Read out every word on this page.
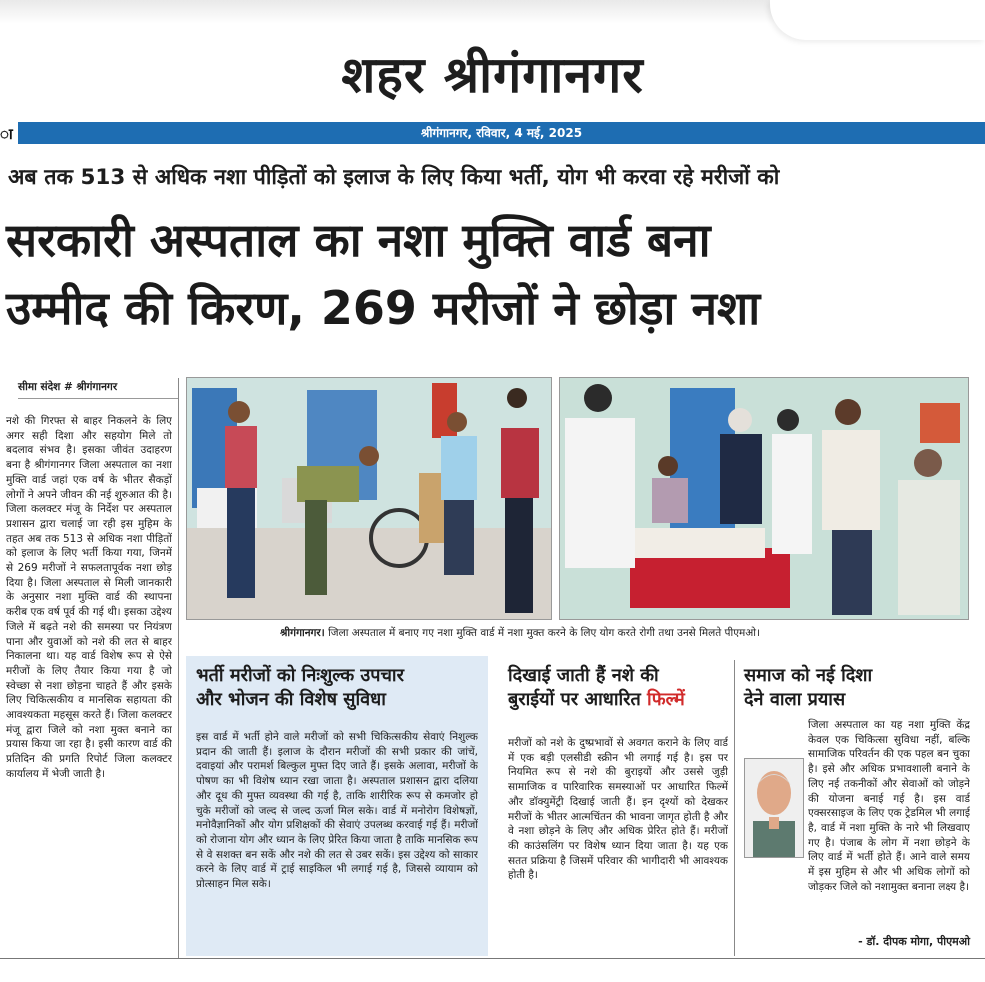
शहर श्रीगंगानगर
ा	श्रीगंगानगर, रविवार, 4 मई, 2025
अब तक 513 से अधिक नशा पीड़ितों को इलाज के लिए किया भर्ती, योग भी करवा रहे मरीजों को
सरकारी अस्पताल का नशा मुक्ति वार्ड बना
उम्मीद की किरण, 269 मरीजों ने छोड़ा नशा
सीमा संदेश # श्रीगंगानगर
नशे की गिरफ्त से बाहर निकलने के लिए अगर सही दिशा और सहयोग मिले तो बदलाव संभव है। इसका जीवंत उदाहरण बना है श्रीगंगानगर जिला अस्पताल का नशा मुक्ति वार्ड जहां एक वर्ष के भीतर सैकड़ों लोगों ने अपने जीवन की नई शुरुआत की है। जिला कलक्टर मंजू के निर्देश पर अस्पताल प्रशासन द्वारा चलाई जा रही इस मुहिम के तहत अब तक 513 से अधिक नशा पीड़ितों को इलाज के लिए भर्ती किया गया, जिनमें से 269 मरीजों ने सफलतापूर्वक नशा छोड़ दिया है। जिला अस्पताल से मिली जानकारी के अनुसार नशा मुक्ति वार्ड की स्थापना करीब एक वर्ष पूर्व की गई थी। इसका उद्देश्य जिले में बढ़ते नशे की समस्या पर नियंत्रण पाना और युवाओं को नशे की लत से बाहर निकालना था। यह वार्ड विशेष रूप से ऐसे मरीजों के लिए तैयार किया गया है जो स्वेच्छा से नशा छोड़ना चाहते हैं और इसके लिए चिकित्सकीय व मानसिक सहायता की आवश्यकता महसूस करते हैं। जिला कलक्टर मंजू द्वारा जिले को नशा मुक्त बनाने का प्रयास किया जा रहा है। इसी कारण वार्ड की प्रतिदिन की प्रगति रिपोर्ट जिला कलक्टर कार्यालय में भेजी जाती है।
श्रीगंगानगर। जिला अस्पताल में बनाए गए नशा मुक्ति वार्ड में नशा मुक्त करने के लिए योग करते रोगी तथा उनसे मिलते पीएमओ।
भर्ती मरीजों को निःशुल्क उपचार
और भोजन की विशेष सुविधा
इस वार्ड में भर्ती होने वाले मरीजों को सभी चिकित्सकीय सेवाएं निशुल्क प्रदान की जाती हैं। इलाज के दौरान मरीजों की सभी प्रकार की जांचें, दवाइयां और परामर्श बिल्कुल मुफ्त दिए जाते हैं। इसके अलावा, मरीजों के पोषण का भी विशेष ध्यान रखा जाता है। अस्पताल प्रशासन द्वारा दलिया और दूध की मुफ्त व्यवस्था की गई है, ताकि शारीरिक रूप से कमजोर हो चुके मरीजों को जल्द से जल्द ऊर्जा मिल सके। वार्ड में मनोरोग विशेषज्ञों, मनोवैज्ञानिकों और योग प्रशिक्षकों की सेवाएं उपलब्ध करवाई गई हैं। मरीजों को रोजाना योग और ध्यान के लिए प्रेरित किया जाता है ताकि मानसिक रूप से वे सशक्त बन सकें और नशे की लत से उबर सकें। इस उद्देश्य को साकार करने के लिए वार्ड में ट्राई साइकिल भी लगाई गई है, जिससे व्यायाम को प्रोत्साहन मिल सके।
दिखाई जाती हैं नशे की
बुराईयों पर आधारित फिल्में
मरीजों को नशे के दुष्प्रभावों से अवगत कराने के लिए वार्ड में एक बड़ी एलसीडी स्क्रीन भी लगाई गई है। इस पर नियमित रूप से नशे की बुराइयों और उससे जुड़ी सामाजिक व पारिवारिक समस्याओं पर आधारित फिल्में और डॉक्युमेंट्री दिखाई जाती हैं। इन दृश्यों को देखकर मरीजों के भीतर आत्मचिंतन की भावना जागृत होती है और वे नशा छोड़ने के लिए और अधिक प्रेरित होते हैं। मरीजों की काउंसलिंग पर विशेष ध्यान दिया जाता है। यह एक सतत प्रक्रिया है जिसमें परिवार की भागीदारी भी आवश्यक होती है।
समाज को नई दिशा
देने वाला प्रयास
जिला अस्पताल का यह नशा मुक्ति केंद्र केवल एक चिकित्सा सुविधा नहीं, बल्कि सामाजिक परिवर्तन की एक पहल बन चुका है। इसे और अधिक प्रभावशाली बनाने के लिए नई तकनीकों और सेवाओं को जोड़ने की योजना बनाई गई है। इस वार्ड एक्सरसाइज के लिए एक ट्रेडमिल भी लगाई है, वार्ड में नशा मुक्ति के नारे भी लिखवाए गए है। पंजाब के लोग में नशा छोड़ने के लिए वार्ड में भर्ती होते हैं। आने वाले समय में इस मुहिम से और भी अधिक लोगों को जोड़कर जिले को नशामुक्त बनाना लक्ष्य है।
- डॉ. दीपक मोगा, पीएमओ
